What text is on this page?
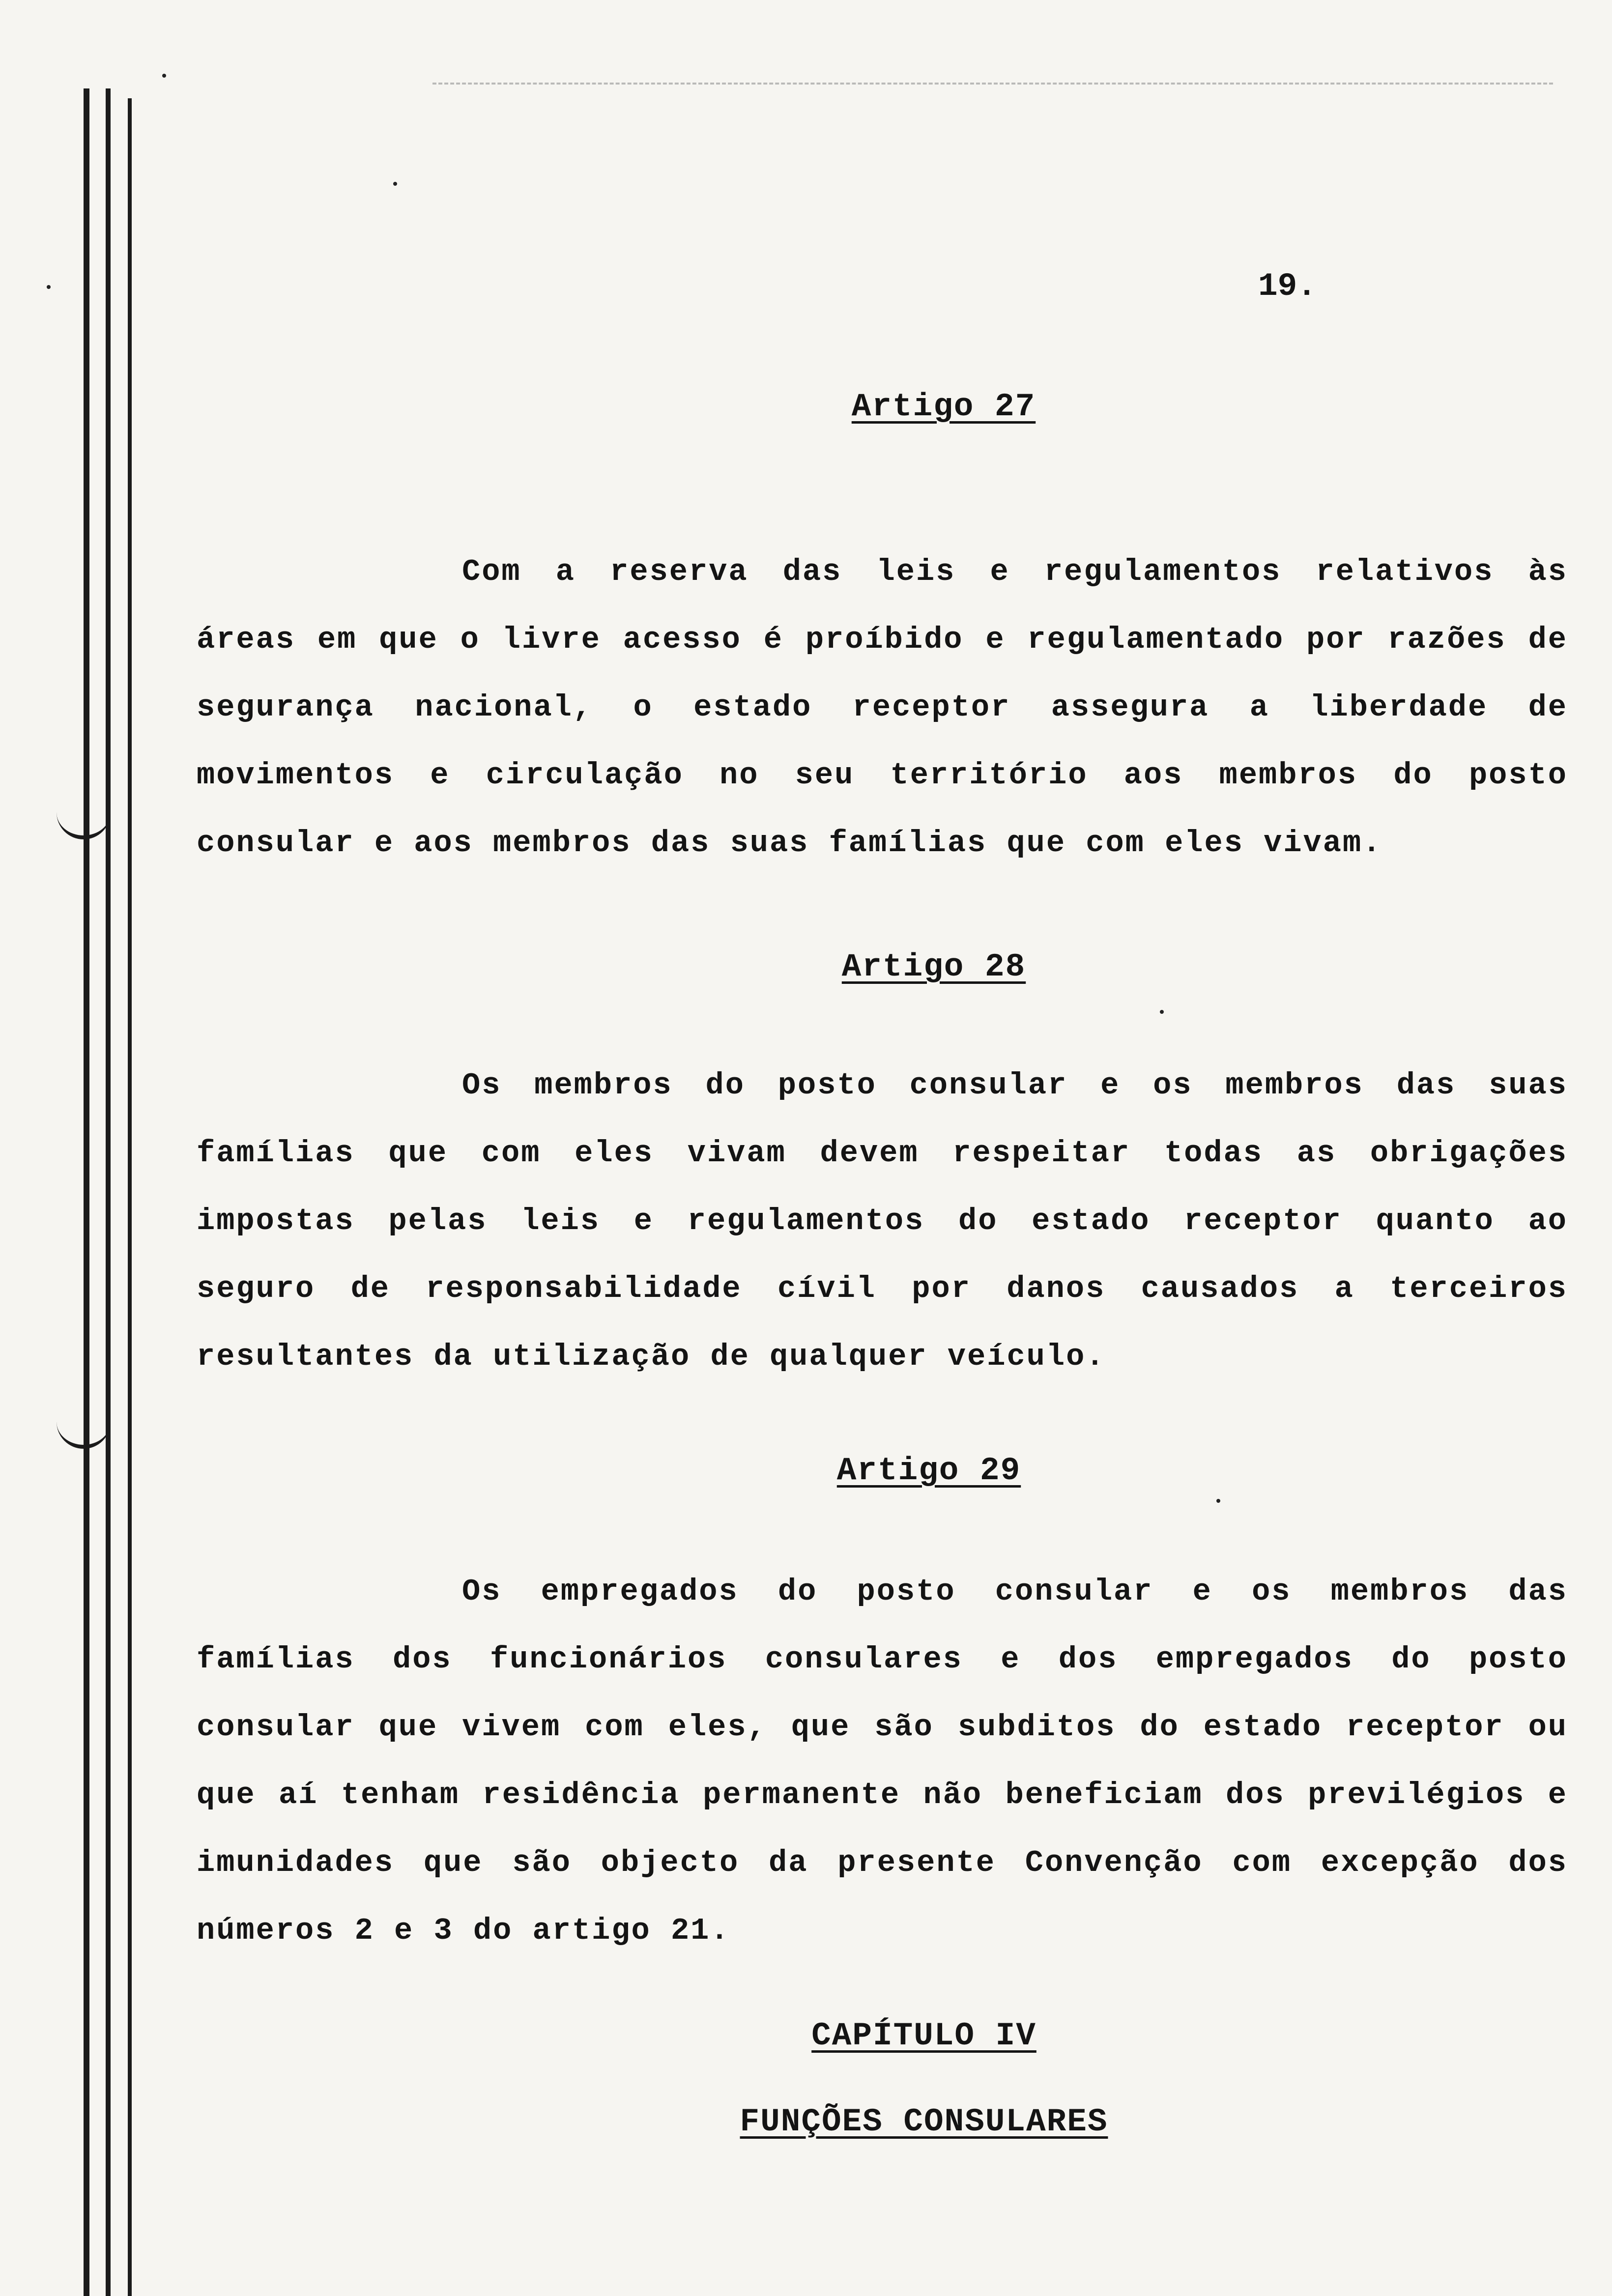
19.
Artigo 27
Com a reserva das leis e regulamentos relativos às áreas em que o livre acesso é proíbido e regulamentado por razões de segurança nacional, o estado receptor assegura a liberdade de movimentos e circulação no seu território aos membros do posto consular e aos membros das suas famílias que com eles vivam.
Artigo 28
Os membros do posto consular e os membros das suas famílias que com eles vivam devem respeitar todas as obrigações impostas pelas leis e regulamentos do estado receptor quanto ao seguro de responsabilidade cívil por danos causados a terceiros resultantes da utilização de qualquer veículo.
Artigo 29
Os empregados do posto consular e os membros das famílias dos funcionários consulares e dos empregados do posto consular que vivem com eles, que são subditos do estado receptor ou que aí tenham residência permanente não beneficiam dos previlégios e imunidades que são objecto da presente Convenção com excepção dos números 2 e 3 do artigo 21.
CAPÍTULO IV
FUNÇÕES CONSULARES
